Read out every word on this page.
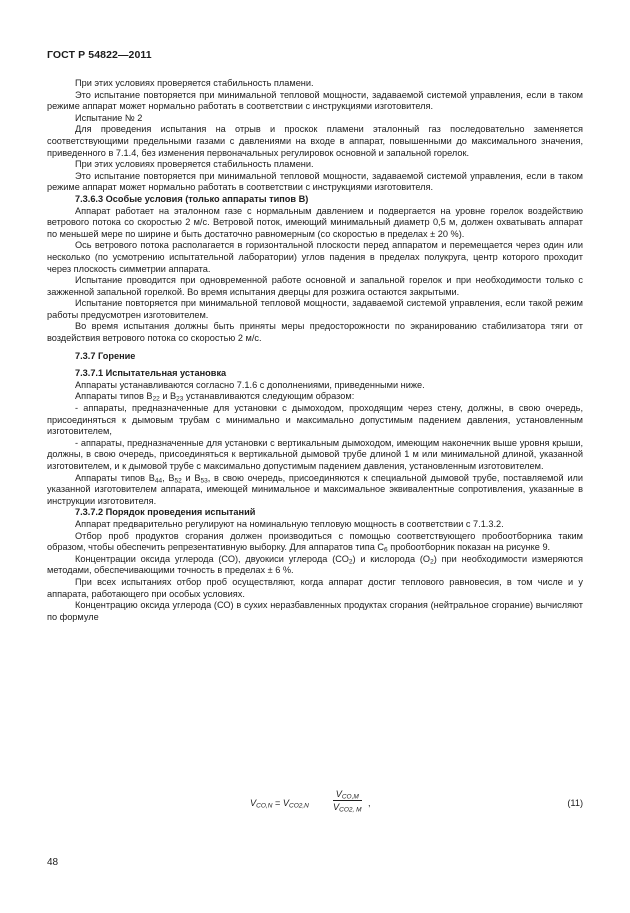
ГОСТ Р 54822—2011

При этих условиях проверяется стабильность пламени.

Это испытание повторяется при минимальной тепловой мощности, задаваемой системой управления, если в таком режиме аппарат может нормально работать в соответствии с инструкциями изготовителя.

Испытание № 2

Для проведения испытания на отрыв и проскок пламени эталонный газ последовательно заменяется соответствующими предельными газами с давлениями на входе в аппарат, повышенными до максимального значения, приведенного в 7.1.4, без изменения первоначальных регулировок основной и запальной горелок.

При этих условиях проверяется стабильность пламени.

Это испытание повторяется при минимальной тепловой мощности, задаваемой системой управления, если в таком режиме аппарат может нормально работать в соответствии с инструкциями изготовителя.

7.3.6.3 Особые условия (только аппараты типов В)

Аппарат работает на эталонном газе с нормальным давлением и подвергается на уровне горелок воздействию ветрового потока со скоростью 2 м/с. Ветровой поток, имеющий минимальный диаметр 0,5 м, должен охватывать аппарат по меньшей мере по ширине и быть достаточно равномерным (со скоростью в пределах ± 20 %).

Ось ветрового потока располагается в горизонтальной плоскости перед аппаратом и перемещается через один или несколько (по усмотрению испытательной лаборатории) углов падения в пределах полукруга, центр которого проходит через плоскость симметрии аппарата.

Испытание проводится при одновременной работе основной и запальной горелок и при необходимости только с зажженной запальной горелкой. Во время испытания дверцы для розжига остаются закрытыми.

Испытание повторяется при минимальной тепловой мощности, задаваемой системой управления, если такой режим работы предусмотрен изготовителем.

Во время испытания должны быть приняты меры предосторожности по экранированию стабилизатора тяги от воздействия ветрового потока со скоростью 2 м/с.

7.3.7 Горение

7.3.7.1 Испытательная установка

Аппараты устанавливаются согласно 7.1.6 с дополнениями, приведенными ниже.

Аппараты типов $В_{22}$ и $В_{23}$ устанавливаются следующим образом:

- аппараты, предназначенные для установки с дымоходом, проходящим через стену, должны, в свою очередь, присоединяться к дымовым трубам с минимально и максимально допустимым падением давления, установленным изготовителем,

- аппараты, предназначенные для установки с вертикальным дымоходом, имеющим наконечник выше уровня крыши, должны, в свою очередь, присоединяться к вертикальной дымовой трубе длиной 1 м или минимальной длиной, указанной изготовителем, и к дымовой трубе с максимально допустимым падением давления, установленным изготовителем.

Аппараты типов $В_{44}$, $В_{52}$ и $В_{53}$, в свою очередь, присоединяются к специальной дымовой трубе, поставляемой или указанной изготовителем аппарата, имеющей минимальное и максимальное эквивалентные сопротивления, указанные в инструкции изготовителя.

7.3.7.2 Порядок проведения испытаний

Аппарат предварительно регулируют на номинальную тепловую мощность в соответствии с 7.1.3.2.

Отбор проб продуктов сгорания должен производиться с помощью соответствующего пробоотборника таким образом, чтобы обеспечить репрезентативную выборку. Для аппаратов типа $С_6$ пробоотборник показан на рисунке 9.

Концентрации оксида углерода (СО), двуокиси углерода $(СО_2)$ и кислорода $(О_2)$ при необходимости измеряются методами, обеспечивающими точность в пределах ± 6 %.

При всех испытаниях отбор проб осуществляют, когда аппарат достиг теплового равновесия, в том числе и у аппарата, работающего при особых условиях.

Концентрацию оксида углерода (СО) в сухих неразбавленных продуктах сгорания (нейтральное сгорание) вычисляют по формуле

$V_{CO,N} = V_{CO2,N}$
$V_{CO,M}$
$V_{CO2, M}$
,	(11)
48
